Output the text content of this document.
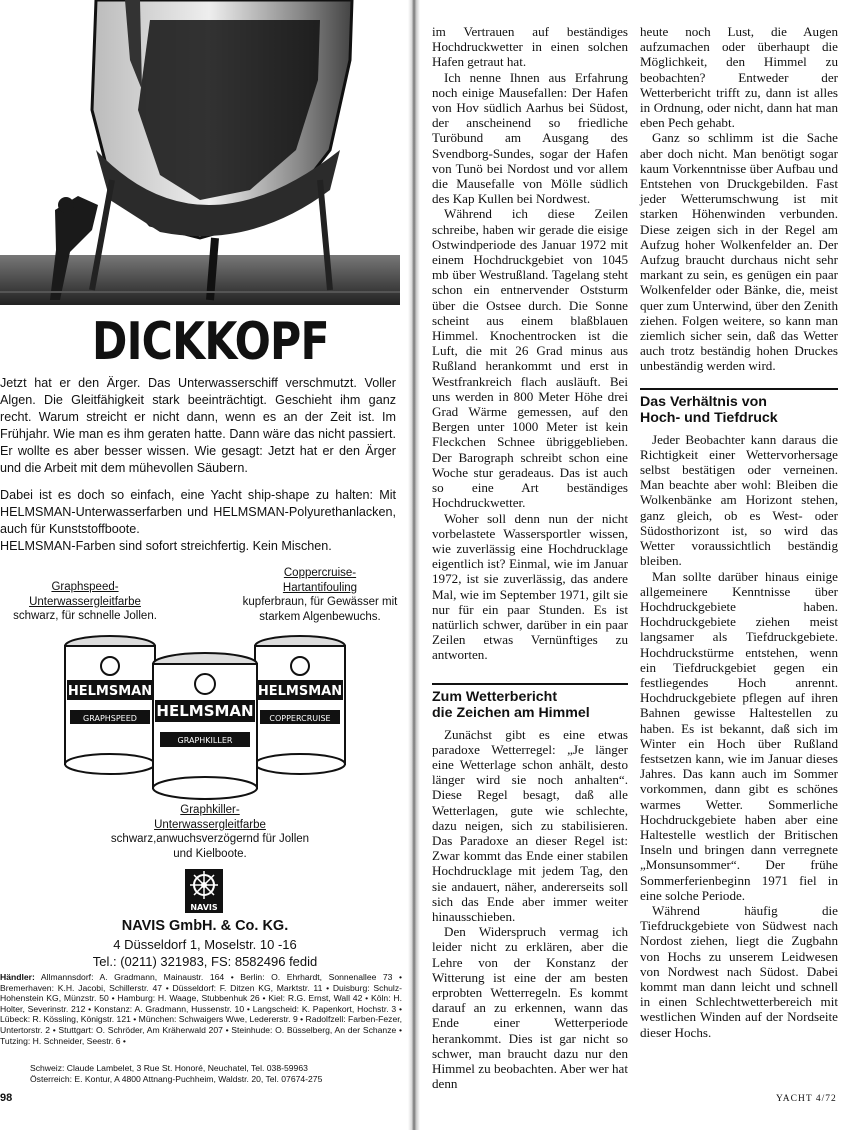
DICKKOPF

Jetzt hat er den Ärger. Das Unterwasserschiff verschmutzt. Voller Algen. Die Gleitfähigkeit stark beeinträchtigt. Geschieht ihm ganz recht. Warum streicht er nicht dann, wenn es an der Zeit ist. Im Frühjahr. Wie man es ihm geraten hatte. Dann wäre das nicht passiert. Er wollte es aber besser wissen. Wie gesagt: Jetzt hat er den Ärger und die Arbeit mit dem mühevollen Säubern.

Dabei ist es doch so einfach, eine Yacht ship-shape zu halten: Mit HELMSMAN-Unterwasserfarben und HELMSMAN-Polyurethanlacken, auch für Kunststoffboote.

HELMSMAN-Farben sind sofort streichfertig. Kein Mischen.

Graphspeed-
Unterwassergleitfarbe
schwarz, für schnelle Jollen.
Coppercruise-
Hartantifouling
kupferbraun, für Gewässer mit starkem Algenbewuchs.
HELMSMAN
GRAPHSPEED
HELMSMAN
COPPERCRUISE
HELMSMAN
GRAPHKILLER
Graphkiller-
Unterwassergleitfarbe
schwarz,anwuchsverzögernd für Jollen und Kielboote.
NAVIS
NAVIS GmbH. & Co. KG.
4 Düsseldorf 1, Moselstr. 10 -16
Tel.: (0211) 321983, FS: 8582496 fedid
Händler: Allmannsdorf: A. Gradmann, Mainaustr. 164 • Berlin: O. Ehrhardt, Sonnenallee 73 • Bremerhaven: K.H. Jacobi, Schillerstr. 47 • Düsseldorf: F. Ditzen KG, Marktstr. 11 • Duisburg: Schulz-Hohenstein KG, Münzstr. 50 • Hamburg: H. Waage, Stubbenhuk 26 • Kiel: R.G. Ernst, Wall 42 • Köln: H. Holter, Severinstr. 212 • Konstanz: A. Gradmann, Hussenstr. 10 • Langscheid: K. Papenkort, Hochstr. 3 • Lübeck: R. Kössling, Königstr. 121 • München: Schwaigers Wwe, Ledererstr. 9 • Radolfzell: Farben-Fezer, Untertorstr. 2 • Stuttgart: O. Schröder, Am Kräherwald 207 • Steinhude: O. Büsselberg, An der Schanze • Tutzing: H. Schneider, Seestr. 6 •
Schweiz: Claude Lambelet, 3 Rue St. Honoré, Neuchatel, Tel. 038-59963
Österreich: E. Kontur, A 4800 Attnang-Puchheim, Waldstr. 20, Tel. 07674-275
98

im Vertrauen auf beständiges Hochdruckwetter in einen solchen Hafen getraut hat.

Ich nenne Ihnen aus Erfahrung noch einige Mausefallen: Der Hafen von Hov südlich Aarhus bei Südost, der anscheinend so friedliche Turöbund am Ausgang des Svendborg-Sundes, sogar der Hafen von Tunö bei Nordost und vor allem die Mausefalle von Mölle südlich des Kap Kullen bei Nordwest.

Während ich diese Zeilen schreibe, haben wir gerade die eisige Ostwindperiode des Januar 1972 mit einem Hochdruckgebiet von 1045 mb über Westrußland. Tagelang steht schon ein entnervender Oststurm über die Ostsee durch. Die Sonne scheint aus einem blaßblauen Himmel. Knochentrocken ist die Luft, die mit 26 Grad minus aus Rußland herankommt und erst in Westfrankreich flach ausläuft. Bei uns werden in 800 Meter Höhe drei Grad Wärme gemessen, auf den Bergen unter 1000 Meter ist kein Fleckchen Schnee übriggeblieben. Der Barograph schreibt schon eine Woche stur geradeaus. Das ist auch so eine Art beständiges Hochdruckwetter.

Woher soll denn nun der nicht vorbelastete Wassersportler wissen, wie zuverlässig eine Hochdrucklage eigentlich ist? Einmal, wie im Januar 1972, ist sie zuverlässig, das andere Mal, wie im September 1971, gilt sie nur für ein paar Stunden. Es ist natürlich schwer, darüber in ein paar Zeilen etwas Vernünftiges zu antworten.

Zum Wetterbericht
die Zeichen am Himmel

Zunächst gibt es eine etwas paradoxe Wetterregel: „Je länger eine Wetterlage schon anhält, desto länger wird sie noch anhalten“. Diese Regel besagt, daß alle Wetterlagen, gute wie schlechte, dazu neigen, sich zu stabilisieren. Das Paradoxe an dieser Regel ist: Zwar kommt das Ende einer stabilen Hochdrucklage mit jedem Tag, den sie andauert, näher, andererseits soll sich das Ende aber immer weiter hinausschieben.

Den Widerspruch vermag ich leider nicht zu erklären, aber die Lehre von der Konstanz der Witterung ist eine der am besten erprobten Wetterregeln. Es kommt darauf an zu erkennen, wann das Ende einer Wetterperiode herankommt. Dies ist gar nicht so schwer, man braucht dazu nur den Himmel zu beobachten. Aber wer hat denn

heute noch Lust, die Augen aufzumachen oder überhaupt die Möglichkeit, den Himmel zu beobachten? Entweder der Wetterbericht trifft zu, dann ist alles in Ordnung, oder nicht, dann hat man eben Pech gehabt.

Ganz so schlimm ist die Sache aber doch nicht. Man benötigt sogar kaum Vorkenntnisse über Aufbau und Entstehen von Druckgebilden. Fast jeder Wetterumschwung ist mit starken Höhenwinden verbunden. Diese zeigen sich in der Regel am Aufzug hoher Wolkenfelder an. Der Aufzug braucht durchaus nicht sehr markant zu sein, es genügen ein paar Wolkenfelder oder Bänke, die, meist quer zum Unterwind, über den Zenith ziehen. Folgen weitere, so kann man ziemlich sicher sein, daß das Wetter auch trotz beständig hohen Druckes unbeständig werden wird.

Das Verhältnis von
Hoch- und Tiefdruck

Jeder Beobachter kann daraus die Richtigkeit einer Wettervorhersage selbst bestätigen oder verneinen. Man beachte aber wohl: Bleiben die Wolkenbänke am Horizont stehen, ganz gleich, ob es West- oder Südosthorizont ist, so wird das Wetter voraussichtlich beständig bleiben.

Man sollte darüber hinaus einige allgemeinere Kenntnisse über Hochdruckgebiete haben. Hochdruckgebiete ziehen meist langsamer als Tiefdruckgebiete. Hochdruckstürme entstehen, wenn ein Tiefdruckgebiet gegen ein festliegendes Hoch anrennt. Hochdruckgebiete pflegen auf ihren Bahnen gewisse Haltestellen zu haben. Es ist bekannt, daß sich im Winter ein Hoch über Rußland festsetzen kann, wie im Januar dieses Jahres. Das kann auch im Sommer vorkommen, dann gibt es schönes warmes Wetter. Sommerliche Hochdruckgebiete haben aber eine Haltestelle westlich der Britischen Inseln und bringen dann verregnete „Monsunsommer“. Der frühe Sommerferienbeginn 1971 fiel in eine solche Periode.

Während häufig die Tiefdruckgebiete von Südwest nach Nordost ziehen, liegt die Zugbahn von Hochs zu unserem Leidwesen von Nordwest nach Südost. Dabei kommt man dann leicht und schnell in einen Schlechtwetterbereich mit westlichen Winden auf der Nordseite dieser Hochs.

YACHT 4/72
